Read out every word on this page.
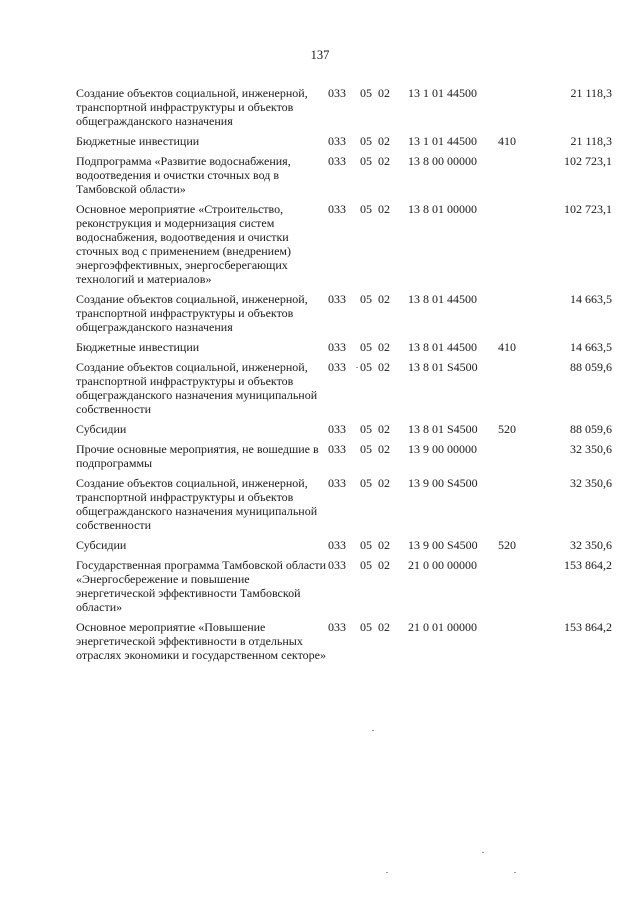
137
Создание объектов социальной, инженерной, транспортной инфраструктуры и объектов общегражданского назначения	033	05	02	13 1 01 44500		21 118,3
Бюджетные инвестиции	033	05	02	13 1 01 44500	410	21 118,3
Подпрограмма «Развитие водоснабжения, водоотведения и очистки сточных вод в Тамбовской области»	033	05	02	13 8 00 00000		102 723,1
Основное мероприятие «Строительство, реконструкция и модернизация систем водоснабжения, водоотведения и очистки сточных вод с применением (внедрением) энергоэффективных, энергосберегающих технологий и материалов»	033	05	02	13 8 01 00000		102 723,1
Создание объектов социальной, инженерной, транспортной инфраструктуры и объектов общегражданского назначения	033	05	02	13 8 01 44500		14 663,5
Бюджетные инвестиции	033	05	02	13 8 01 44500	410	14 663,5
Создание объектов социальной, инженерной, транспортной инфраструктуры и объектов общегражданского назначения муниципальной собственности	033	05	02	13 8 01 S4500		88 059,6
Субсидии	033	05	02	13 8 01 S4500	520	88 059,6
Прочие основные мероприятия, не вошедшие в подпрограммы	033	05	02	13 9 00 00000		32 350,6
Создание объектов социальной, инженерной, транспортной инфраструктуры и объектов общегражданского назначения муниципальной собственности	033	05	02	13 9 00 S4500		32 350,6
Субсидии	033	05	02	13 9 00 S4500	520	32 350,6
Государственная программа Тамбовской области «Энергосбережение и повышение энергетической эффективности Тамбовской области»	033	05	02	21 0 00 00000		153 864,2
Основное мероприятие «Повышение энергетической эффективности в отдельных отраслях экономики и государственном секторе»	033	05	02	21 0 01 00000		153 864,2
